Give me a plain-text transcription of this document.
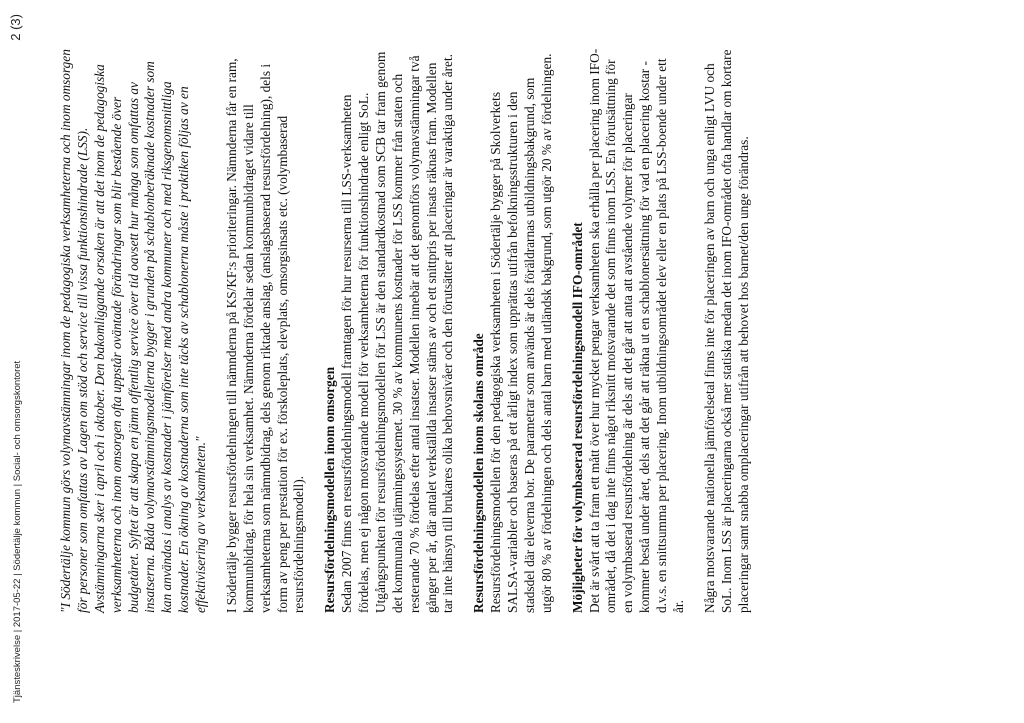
Tjänsteskrivelse | 2017-05-22 | Södertälje kommun | Social- och omsorgskontoret
2 (3)

"I Södertälje kommun görs volymavstämningar inom de pedagogiska verksamheterna och inom omsorgen för personer som omfattas av Lagen om stöd och service till vissa funktionshindrade (LSS). Avstämningarna sker i april och i oktober. Den bakomliggande orsaken är att det inom de pedagogiska verksamheterna och inom omsorgen ofta uppstår oväntade förändringar som blir bestående över budgetåret. Syftet är att skapa en jämn offentlig service över tid oavsett hur många som omfattas av insatserna. Båda volymavstämningsmodellerna bygger i grunden på schablonberäknade kostnader som kan användas i analys av kostnader i jämförelser med andra kommuner och med riksgenomsnittliga kostnader. En ökning av kostnaderna som inte täcks av schablonerna måste i praktiken följas av en effektivisering av verksamheten." I Södertälje bygger resursfördelningen till nämnderna på KS/KF:s prioriteringar. Nämnderna får en ram, kommunbidrag, för hela sin verksamhet. Nämnderna fördelar sedan kommunbidraget vidare till verksamheterna som nämndbidrag, dels genom riktade anslag, (anslagsbaserad resursfördelning), dels i form av peng per prestation för ex. förskoleplats, elevplats, omsorgsinsats etc. (volymbaserad resursfördelningsmodell). Resursfördelningsmodellen inom omsorgen Sedan 2007 finns en resursfördelningsmodell framtagen för hur resurserna till LSS-verksamheten fördelas, men ej någon motsvarande modell för verksamheterna för funktionshindrade enligt SoL. Utgångspunkten för resursfördelningsmodellen för LSS är den standardkostnad som SCB tar fram genom det kommunala utjämningssystemet. 30 % av kommunens kostnader för LSS kommer från staten och resterande 70 % fördelas efter antal insatser. Modellen innebär att det genomförs volymavstämningar två gånger per år, där antalet verkställda insatser stäms av och ett snittpris per insats räknas fram. Modellen tar inte hänsyn till brukares olika behovsnivåer och den förutsätter att placeringar är varaktiga under året. Resursfördelningsmodellen inom skolans område Resursfördelningsmodellen för den pedagogiska verksamheten i Södertälje bygger på Skolverkets SALSA-variabler och baseras på ett årligt index som upprättas utifrån befolkningsstrukturen i den stadsdel där eleverna bor. De parametrar som används är dels föräldrarnas utbildningsbakgrund, som utgör 80 % av fördelningen och dels antal barn med utländsk bakgrund, som utgör 20 % av fördelningen. Möjligheter för volymbaserad resursfördelningsmodell IFO-området Det är svårt att ta fram ett mått över hur mycket pengar verksamheten ska erhålla per placering inom IFO-området, då det i dag inte finns något riksnitt motsvarande det som finns inom LSS. En förutsättning för en volymbaserad resursfördelning är dels att det går att anta att avstående volymer för placeringar kommer bestå under året, dels att det går att räkna ut en schablonersättning för vad en placering kostar - d.v.s. en snittsumma per placering. Inom utbildningsområdet elev eller en plats på LSS-boende under ett år. Några motsvarande nationella jämförelsetal finns inte för placeringen av barn och unga enligt LVU och SoL. Inom LSS är placeringarna också mer statiska medan det inom IFO-området ofta handlar om kortare placeringar samt snabba omplaceringar utifrån att behovet hos barnet/den unge förändras.
